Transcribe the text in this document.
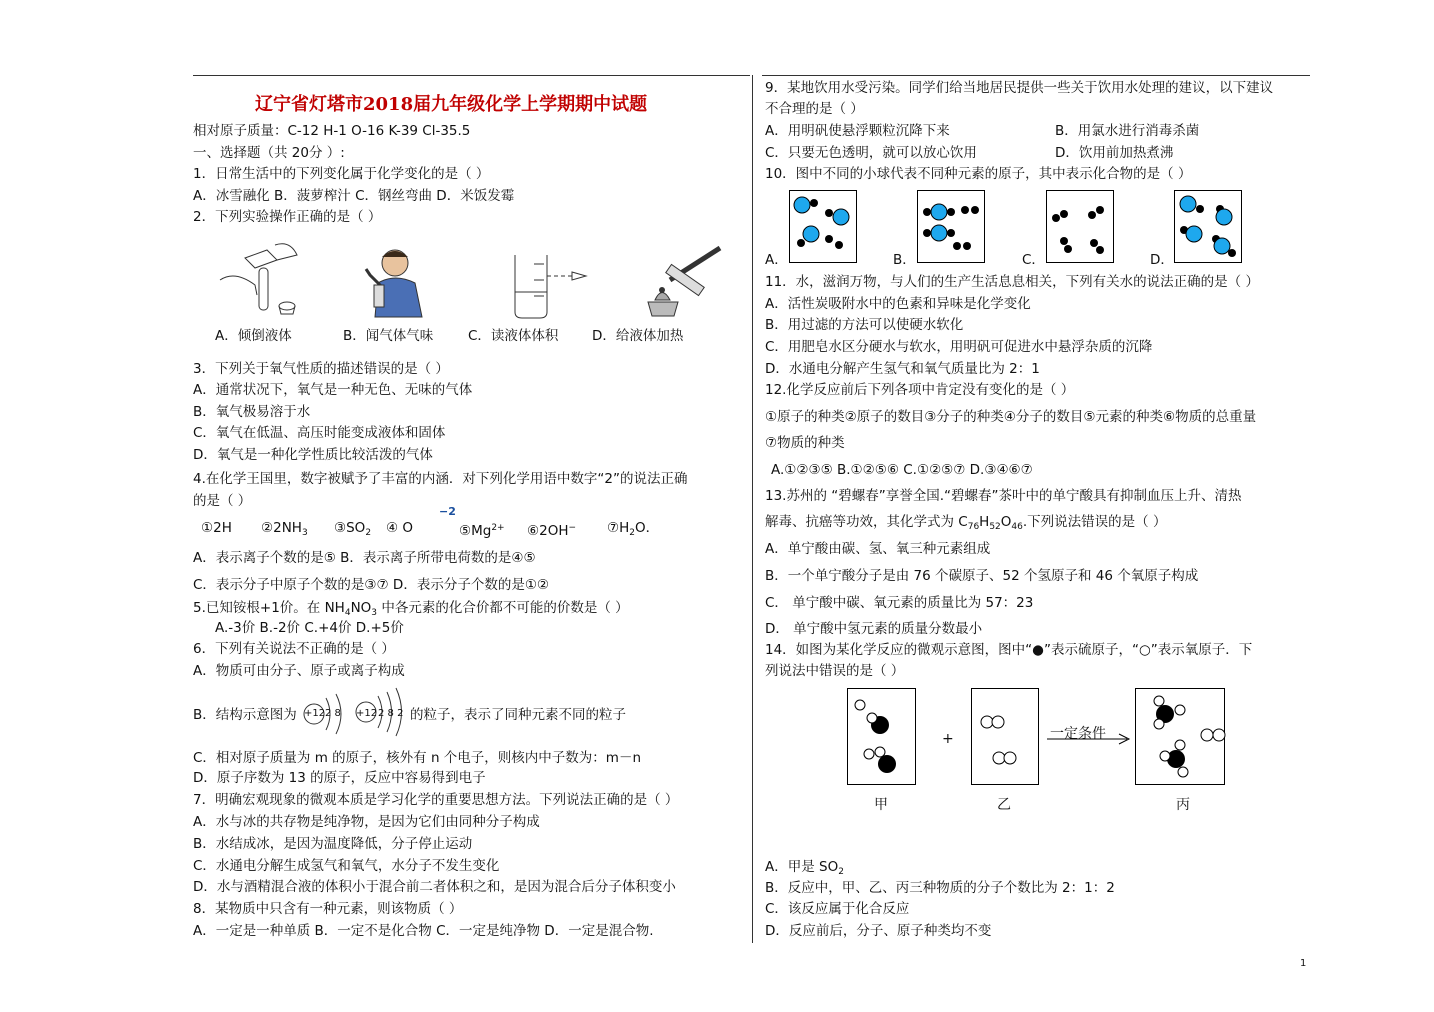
辽宁省灯塔市2018届九年级化学上学期期中试题
相对原子质量：C-12 H-1 O-16 K-39 Cl-35.5
一、选择题（共 20分 ）:
1．日常生活中的下列变化属于化学变化的是（ ）
A．冰雪融化 B．菠萝榨汁 C．钢丝弯曲 D．米饭发霉
2．下列实验操作正确的是（ ）
A．倾倒液体	B．闻气体气味	C．读液体体积 D．给液体加热
3．下列关于氧气性质的描述错误的是（ ）
A．通常状况下，氧气是一种无色、无味的气体
B．氧气极易溶于水
C．氧气在低温、高压时能变成液体和固体
D．氧气是一种化学性质比较活泼的气体
4.在化学王国里，数字被赋予了丰富的内涵．对下列化学用语中数字“2”的说法正确
的是（ ）
−2
①2H $②2NH_3$ $③SO_2$ ④ O	$⑤Mg^{2+}$ ⑥2OH− $⑦H_2O$．
A．表示离子个数的是⑤ B．表示离子所带电荷数的是④⑤
C．表示分子中原子个数的是③⑦ D．表示分子个数的是①②
5.已知铵根+1价。在 $NH_4NO_3$ 中各元素的化合价都不可能的价数是（ ）
A.-3价 B.-2价 C.+4价 D.+5价
6．下列有关说法不正确的是（ ）
A．物质可由分子、原子或离子构成
B．结构示意图为 +12 2 8 +12 2 8 2 的粒子，表示了同种元素不同的粒子
C．相对原子质量为 m 的原子，核外有 n 个电子，则核内中子数为：m－n
D．原子序数为 13 的原子，反应中容易得到电子
7．明确宏观现象的微观本质是学习化学的重要思想方法。下列说法正确的是（ ）
A．水与冰的共存物是纯净物，是因为它们由同种分子构成
B．水结成冰，是因为温度降低，分子停止运动
C．水通电分解生成氢气和氧气，水分子不发生变化
D．水与酒精混合液的体积小于混合前二者体积之和，是因为混合后分子体积变小
8．某物质中只含有一种元素，则该物质（ ）
A．一定是一种单质 B．一定不是化合物 C．一定是纯净物 D．一定是混合物.
9．某地饮用水受污染。同学们给当地居民提供一些关于饮用水处理的建议，以下建议
不合理的是（ ）
A．用明矾使悬浮颗粒沉降下来	B．用氯水进行消毒杀菌
C．只要无色透明，就可以放心饮用	D．饮用前加热煮沸
10．图中不同的小球代表不同种元素的原子，其中表示化合物的是（ ）
A．	B．	C．	D．
11．水，滋润万物，与人们的生产生活息息相关，下列有关水的说法正确的是（ ）
A．活性炭吸附水中的色素和异味是化学变化
B．用过滤的方法可以使硬水软化
C．用肥皂水区分硬水与软水，用明矾可促进水中悬浮杂质的沉降
D．水通电分解产生氢气和氧气质量比为 2：1
12.化学反应前后下列各项中肯定没有变化的是（ ）
①原子的种类②原子的数目③分子的种类④分子的数目⑤元素的种类⑥物质的总重量
⑦物质的种类
A.①②③⑤ B.①②⑤⑥ C.①②⑤⑦ D.③④⑥⑦
13.苏州的 “碧螺春”享誉全国.“碧螺春”茶叶中的单宁酸具有抑制血压上升、清热
解毒、抗癌等功效，其化学式为 $C_{76}H_{52}O_{46}$.下列说法错误的是（ ）
A．单宁酸由碳、氢、氧三种元素组成
B．一个单宁酸分子是由 76 个碳原子、52 个氢原子和 46 个氧原子构成
C． 单宁酸中碳、氧元素的质量比为 57：23
D． 单宁酸中氢元素的质量分数最小
14．如图为某化学反应的微观示意图，图中“●”表示硫原子，“○”表示氧原子．下
列说法中错误的是（ ）
+	一定条件
甲	乙	丙
A．甲是 $SO_2$
B．反应中，甲、乙、丙三种物质的分子个数比为 2：1：2
C．该反应属于化合反应
D．反应前后，分子、原子种类均不变
1
